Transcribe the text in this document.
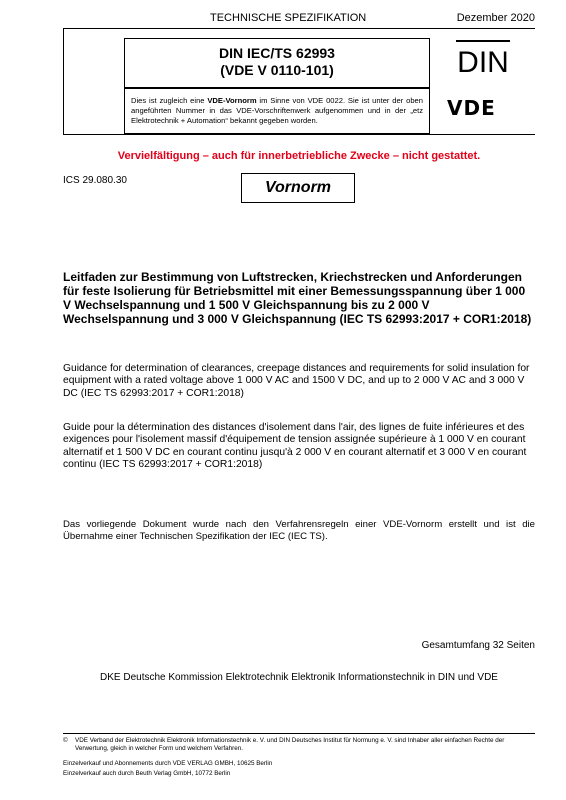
TECHNISCHE SPEZIFIKATION	Dezember 2020
DIN IEC/TS 62993
(VDE V 0110-101)	DIN
Dies ist zugleich eine VDE-Vornorm im Sinne von VDE 0022. Sie ist unter der oben angeführten Nummer in das VDE-Vorschriftenwerk aufgenommen und in der „etz Elektrotechnik + Automation“ bekannt gegeben worden.
VDE
Vervielfältigung – auch für innerbetriebliche Zwecke – nicht gestattet.
ICS 29.080.30	Vornorm
Leitfaden zur Bestimmung von Luftstrecken, Kriechstrecken und Anforderungen für feste Isolierung für Betriebsmittel mit einer Bemessungsspannung über 1 000 V Wechselspannung und 1 500 V Gleichspannung bis zu 2 000 V Wechselspannung und 3 000 V Gleichspannung (IEC TS 62993:2017 + COR1:2018)
Guidance for determination of clearances, creepage distances and requirements for solid insulation for equipment with a rated voltage above 1 000 V AC and 1500 V DC, and up to 2 000 V AC and 3 000 V DC (IEC TS 62993:2017 + COR1:2018)
Guide pour la détermination des distances d'isolement dans l'air, des lignes de fuite inférieures et des exigences pour l'isolement massif d'équipement de tension assignée supérieure à 1 000 V en courant alternatif et 1 500 V DC en courant continu jusqu'à 2 000 V en courant alternatif et 3 000 V en courant continu (IEC TS 62993:2017 + COR1:2018)
Das vorliegende Dokument wurde nach den Verfahrensregeln einer VDE-Vornorm erstellt und ist die Übernahme einer Technischen Spezifikation der IEC (IEC TS).
Gesamtumfang 32 Seiten
DKE Deutsche Kommission Elektrotechnik Elektronik Informationstechnik in DIN und VDE
© VDE Verband der Elektrotechnik Elektronik Informationstechnik e. V. und DIN Deutsches Institut für Normung e. V. sind Inhaber aller einfachen Rechte der Verwertung, gleich in welcher Form und welchem Verfahren.
Einzelverkauf und Abonnements durch VDE VERLAG GMBH, 10625 Berlin
Einzelverkauf auch durch Beuth Verlag GmbH, 10772 Berlin
